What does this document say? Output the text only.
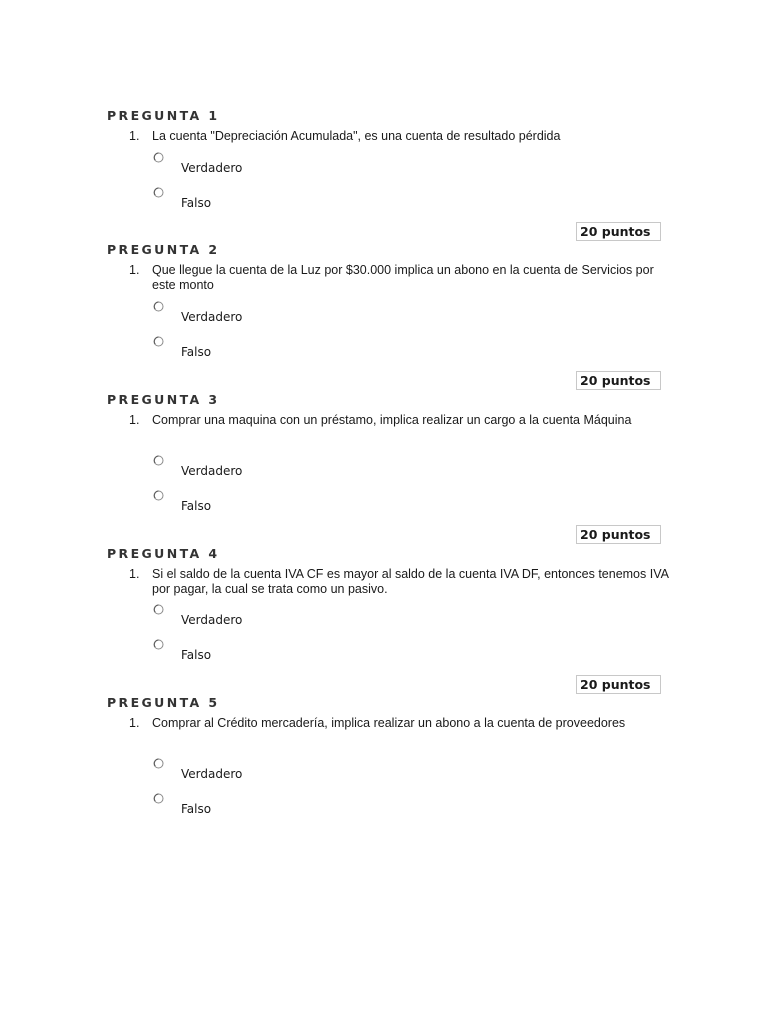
PREGUNTA 1
1. La cuenta "Depreciación Acumulada", es una cuenta de resultado pérdida
Verdadero
Falso
20 puntos
PREGUNTA 2
1. Que llegue la cuenta de la Luz por $30.000 implica un abono en la cuenta de Servicios por este monto
Verdadero
Falso
20 puntos
PREGUNTA 3
1. Comprar una maquina con un préstamo, implica realizar un cargo a la cuenta Máquina
Verdadero
Falso
20 puntos
PREGUNTA 4
1. Si el saldo de la cuenta IVA CF es mayor al saldo de la cuenta IVA DF, entonces tenemos IVA por pagar, la cual se trata como un pasivo.
Verdadero
Falso
20 puntos
PREGUNTA 5
1. Comprar al Crédito mercadería, implica realizar un abono a la cuenta de proveedores
Verdadero
Falso
